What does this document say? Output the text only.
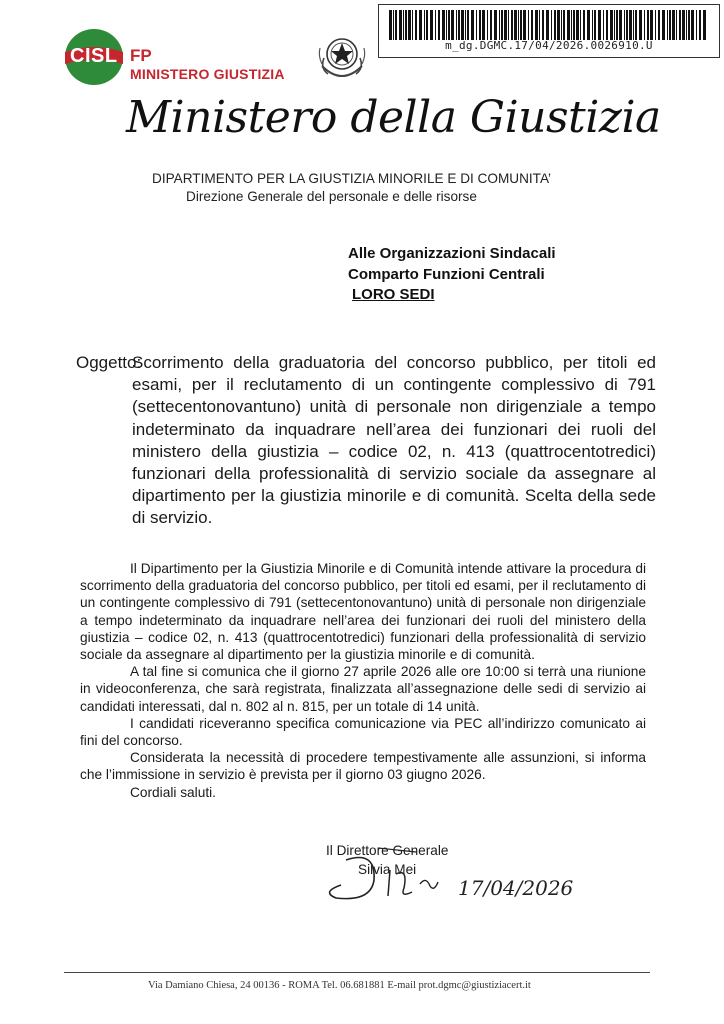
CISL FP
MINISTERO GIUSTIZIA
m_dg.DGMC.17/04/2026.0026910.U
Ministero della Giustizia
DIPARTIMENTO PER LA GIUSTIZIA MINORILE E DI COMUNITA’
Direzione Generale del personale e delle risorse
Alle Organizzazioni Sindacali
Comparto Funzioni Centrali
LORO SEDI
Oggetto:
Scorrimento della graduatoria del concorso pubblico, per titoli ed esami, per il reclutamento di un contingente complessivo di 791 (settecentonovantuno) unità di personale non dirigenziale a tempo indeterminato da inquadrare nell’area dei funzionari dei ruoli del ministero della giustizia – codice 02, n. 413 (quattrocentotredici) funzionari della professionalità di servizio sociale da assegnare al dipartimento per la giustizia minorile e di comunità. Scelta della sede di servizio.

Il Dipartimento per la Giustizia Minorile e di Comunità intende attivare la procedura di scorrimento della graduatoria del concorso pubblico, per titoli ed esami, per il reclutamento di un contingente complessivo di 791 (settecentonovantuno) unità di personale non dirigenziale a tempo indeterminato da inquadrare nell’area dei funzionari dei ruoli del ministero della giustizia – codice 02, n. 413 (quattrocentotredici) funzionari della professionalità di servizio sociale da assegnare al dipartimento per la giustizia minorile e di comunità.

A tal fine si comunica che il giorno 27 aprile 2026 alle ore 10:00 si terrà una riunione in videoconferenza, che sarà registrata, finalizzata all’assegnazione delle sedi di servizio ai candidati interessati, dal n. 802 al n. 815, per un totale di 14 unità.

I candidati riceveranno specifica comunicazione via PEC all’indirizzo comunicato ai fini del concorso.

Considerata la necessità di procedere tempestivamente alle assunzioni, si informa che l’immissione in servizio è prevista per il giorno 03 giugno 2026.

Cordiali saluti.

Il Direttore Generale
Silvia Mei
17/04/2026
Via Damiano Chiesa, 24 00136 - ROMA Tel. 06.681881 E-mail prot.dgmc@giustiziacert.it
